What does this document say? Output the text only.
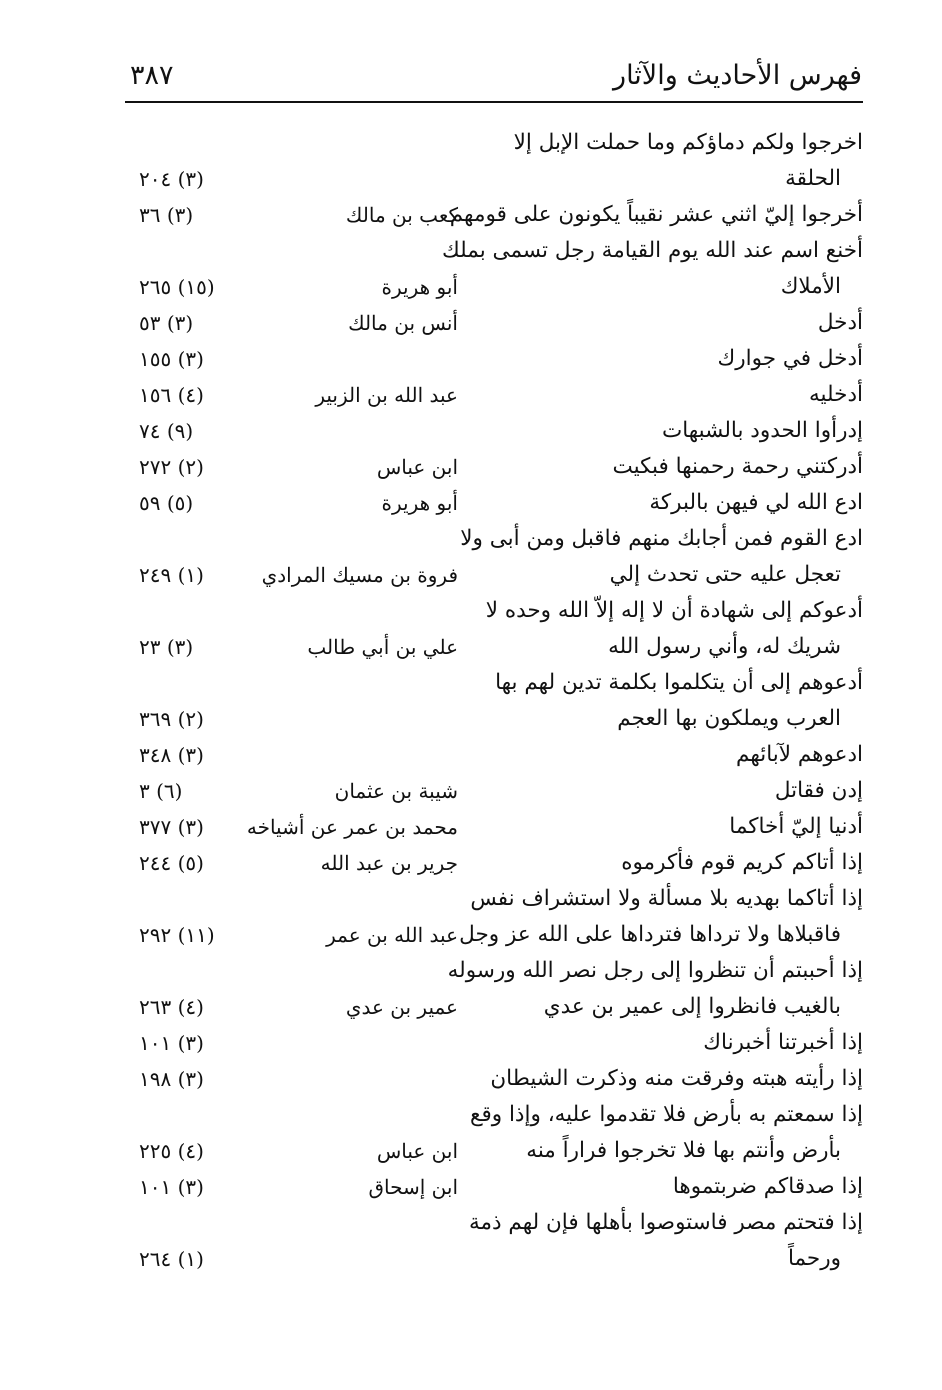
فهرس الأحاديث والآثار
٣٨٧
اخرجوا ولكم دماؤكم وما حملت الإبل إلا
الحلقة
(٣) ٢٠٤
أخرجوا إليّ اثني عشر نقيباً يكونون على قومهم
كعب بن مالك
(٣) ٣٦
أخنع اسم عند الله يوم القيامة رجل تسمى بملك
الأملاك
أبو هريرة
(١٥) ٢٦٥
أدخل
أنس بن مالك
(٣) ٥٣
أدخل في جوارك
(٣) ١٥٥
أدخليه
عبد الله بن الزبير
(٤) ١٥٦
إدرأوا الحدود بالشبهات
(٩) ٧٤
أدركتني رحمة رحمنها فبكيت
ابن عباس
(٢) ٢٧٢
ادع الله لي فيهن بالبركة
أبو هريرة
(٥) ٥٩
ادع القوم فمن أجابك منهم فاقبل ومن أبى ولا
تعجل عليه حتى تحدث إلي
فروة بن مسيك المرادي
(١) ٢٤٩
أدعوكم إلى شهادة أن لا إله إلاّ الله وحده لا
شريك له، وأني رسول الله
علي بن أبي طالب
(٣) ٢٣
أدعوهم إلى أن يتكلموا بكلمة تدين لهم بها
العرب ويملكون بها العجم
(٢) ٣٦٩
ادعوهم لآبائهم
(٣) ٣٤٨
إدن فقاتل
شيبة بن عثمان
(٦) ٣
أدنيا إليّ أخاكما
محمد بن عمر عن أشياخه
(٣) ٣٧٧
إذا أتاكم كريم قوم فأكرموه
جرير بن عبد الله
(٥) ٢٤٤
إذا أتاكما بهديه بلا مسألة ولا استشراف نفس
فاقبلاها ولا ترداها فترداها على الله عز وجل
عبد الله بن عمر
(١١) ٢٩٢
إذا أحببتم أن تنظروا إلى رجل نصر الله ورسوله
بالغيب فانظروا إلى عمير بن عدي
عمير بن عدي
(٤) ٢٦٣
إذا أخبرتنا أخبرناك
(٣) ١٠١
إذا رأيته هبته وفرقت منه وذكرت الشيطان
(٣) ١٩٨
إذا سمعتم به بأرض فلا تقدموا عليه، وإذا وقع
بأرض وأنتم بها فلا تخرجوا فراراً منه
ابن عباس
(٤) ٢٢٥
إذا صدقاكم ضربتموها
ابن إسحاق
(٣) ١٠١
إذا فتحتم مصر فاستوصوا بأهلها فإن لهم ذمة
ورحماً
(١) ٢٦٤
